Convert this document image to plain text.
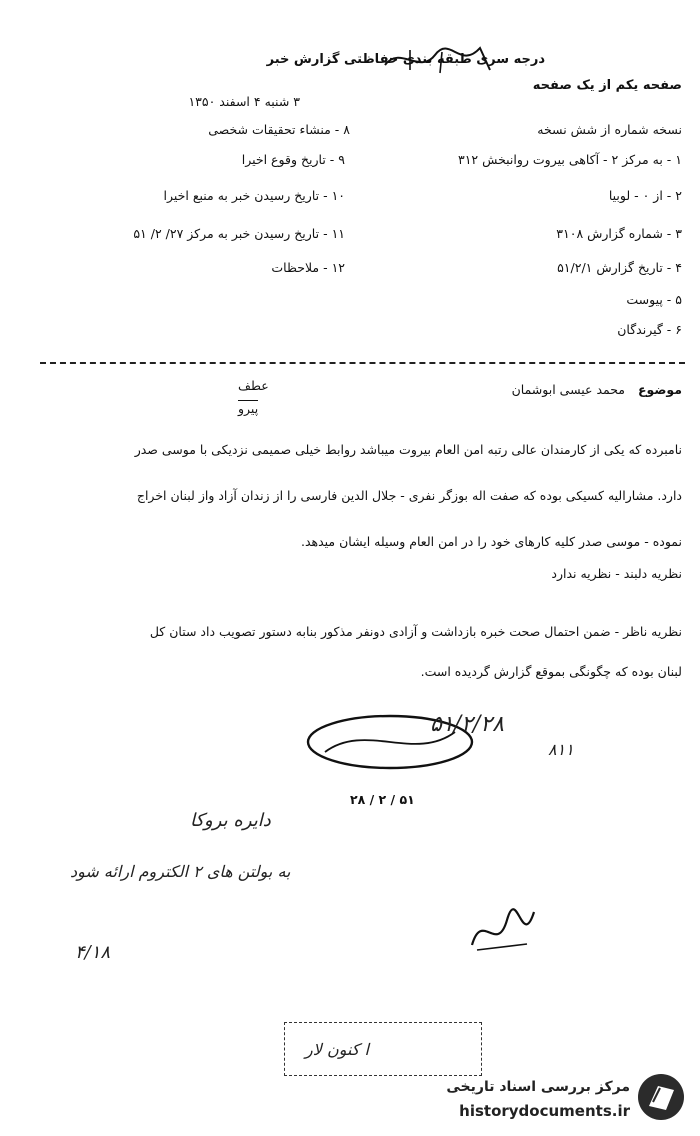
درجه سری طبقه بندی حفاظتی گزارش خبر
صفحه یکم از یک صفحه
۳ شنبه ۴ اسفند ۱۳۵۰
نسخه شماره از شش نسخه
۸ - منشاء تحقیقات شخصی
۱ - به مرکز ۲ - آکاهی بیروت روانبخش ۳۱۲
۲ - از ۰ - لوبیا
۳ - شماره گزارش ۳۱۰۸
۴ - تاریخ گزارش ۵۱/۲/۱
۵ - پیوست
۶ - گیرندگان
۹ - تاریخ وقوع اخیرا
۱۰ - تاریخ رسیدن خبر به منبع اخیرا
۱۱ - تاریخ رسیدن خبر به مرکز ۲۷/ ۲/ ۵۱
۱۲ - ملاحظات
موضوع
محمد عیسی ابوشمان
عطف
پیرو
نامبرده که یکی از کارمندان عالی رتبه امن العام بیروت میباشد روابط خیلی صمیمی نزدیکی با موسی صدر
دارد. مشارالیه کسیکی بوده که صفت اله بوزگر نفری - جلال الدین فارسی را از زندان آزاد واز لبنان اخراج
نموده - موسی صدر کلیه کارهای خود را در امن العام وسیله ایشان میدهد.
نظریه دلبند - نظریه ندارد
نظریه ناظر - ضمن احتمال صحت خبره بازداشت و آزادی دونفر مذکور بنابه دستور تصویب داد ستان کل
لبنان بوده که چگونگی بموقع گزارش گردیده است.
۵۱/۲/۲۸
۸۱۱
۵۱ / ۲ / ۲۸
دایره بروکا
به بولتن های ۲ الکتروم ارائه شود
۴/۱۸
ا کنون لار
مرکز بررسی اسناد تاریخی
historydocuments.ir
